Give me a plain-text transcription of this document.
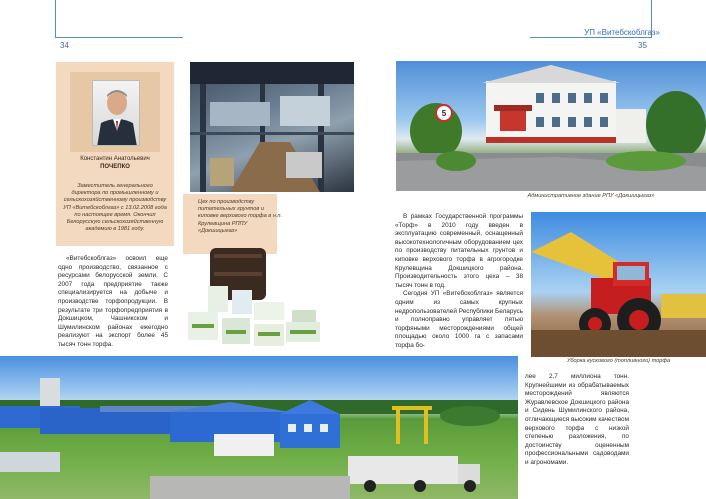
УП «Витебскоблгаз»
34	35
Константин Анатольевич
ПОЧЕПКО
Заместитель генерального директора по промышленному и сельскохозяйственному производству УП «Витебскоблгаз» с 13.02.2008 года по настоящее время. Окончил Белорусскую сельскохозяйственную академию в 1981 году.
Цех по производству питательных грунтов и киповке верхового торфа в н.п. Крулевщина РППУ «Докшицыгаз»
5
Административное здание РПУ «Докшицыгаз»

В рамках Государственной программы «Торф» в 2010 году введен в эксплуатацию современный, оснащенный высокотехнологичным оборудованием цех по производству питательных грунтов и киповке верхового торфа в агрогородке Крулевщина Докшицкого района. Производительность этого цеха – 38 тысяч тонн в год.

Сегодня УП «Витебскоблгаз» является одним из самых крупных недропользователей Республики Беларусь и полноправно управляет пятью торфяными месторождениями общей площадью около 1000 га с запасами торфа бо-

Уборка кускового (топливного) торфа

«Витебскоблгаз» освоил еще одно производство, связанное с ресурсами белорусской земли. С 2007 года предприятие также специализируется на добыче и производстве торфопродукции. В результате три торфопредприятия в Докшицком, Чашникском и Шумилинском районах ежегодно реализуют на экспорт более 45 тысяч тонн торфа.

лее 2,7 миллиона тонн. Крупнейшими из обрабатываемых месторождений являются Журавлевское Докшицкого района и Сидень Шумилинского района, отличающиеся высоким качеством верхового торфа с низкой степенью разложения, по достоинству оцененным профессиональными садоводами и агрономами.
